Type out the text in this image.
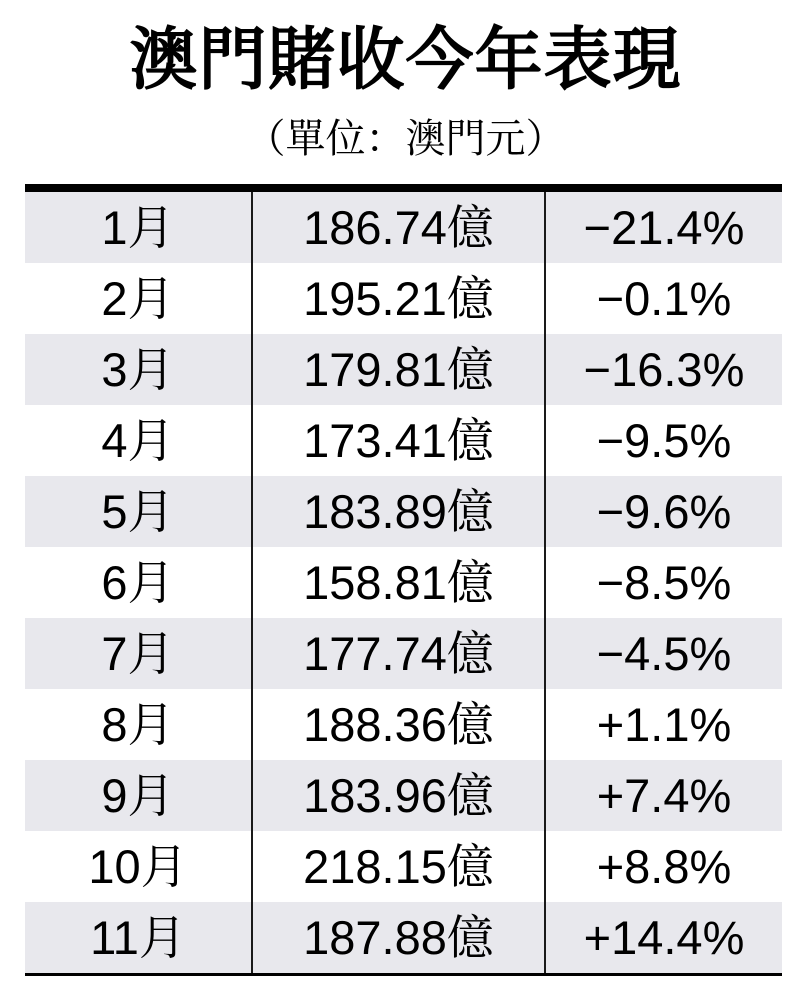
澳門賭收今年表現
（單位：澳門元）
1月	186.74億	−21.4%
2月	195.21億	−0.1%
3月	179.81億	−16.3%
4月	173.41億	−9.5%
5月	183.89億	−9.6%
6月	158.81億	−8.5%
7月	177.74億	−4.5%
8月	188.36億	+1.1%
9月	183.96億	+7.4%
10月	218.15億	+8.8%
11月	187.88億	+14.4%
